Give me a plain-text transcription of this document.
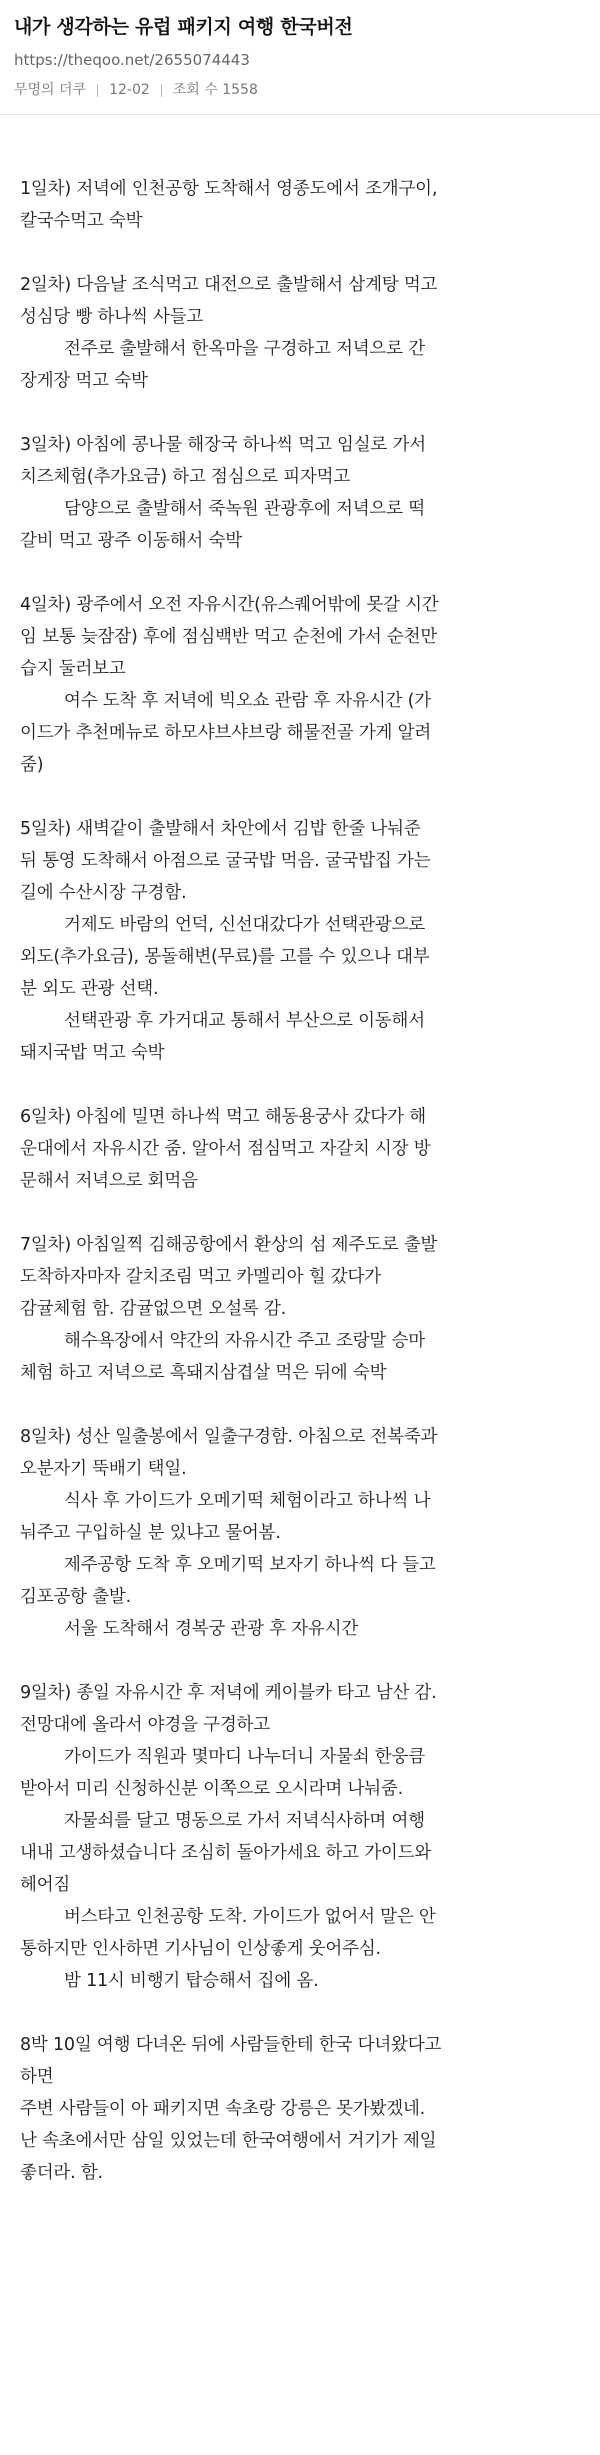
내가 생각하는 유럽 패키지 여행 한국버전
https://theqoo.net/2655074443
무명의 더쿠 12-02 조회 수 1558
1일차) 저녁에 인천공항 도착해서 영종도에서 조개구이,
칼국수먹고 숙박
2일차) 다음날 조식먹고 대전으로 출발해서 삼계탕 먹고
성심당 빵 하나씩 사들고
전주로 출발해서 한옥마을 구경하고 저녁으로 간
장게장 먹고 숙박
3일차) 아침에 콩나물 해장국 하나씩 먹고 임실로 가서
치즈체험(추가요금) 하고 점심으로 피자먹고
담양으로 출발해서 죽녹원 관광후에 저녁으로 떡
갈비 먹고 광주 이동해서 숙박
4일차) 광주에서 오전 자유시간(유스퀘어밖에 못갈 시간
임 보통 늦잠잠) 후에 점심백반 먹고 순천에 가서 순천만
습지 둘러보고
여수 도착 후 저녁에 빅오쇼 관람 후 자유시간 (가
이드가 추천메뉴로 하모샤브샤브랑 해물전골 가게 알려
줌)
5일차) 새벽같이 출발해서 차안에서 김밥 한줄 나눠준
뒤 통영 도착해서 아점으로 굴국밥 먹음. 굴국밥집 가는
길에 수산시장 구경함.
거제도 바람의 언덕, 신선대갔다가 선택관광으로
외도(추가요금), 몽돌해변(무료)를 고를 수 있으나 대부
분 외도 관광 선택.
선택관광 후 가거대교 통해서 부산으로 이동해서
돼지국밥 먹고 숙박
6일차) 아침에 밀면 하나씩 먹고 해동용궁사 갔다가 해
운대에서 자유시간 줌. 알아서 점심먹고 자갈치 시장 방
문해서 저녁으로 회먹음
7일차) 아침일찍 김해공항에서 환상의 섬 제주도로 출발
도착하자마자 갈치조림 먹고 카멜리아 힐 갔다가
감귤체험 함. 감귤없으면 오설록 감.
해수욕장에서 약간의 자유시간 주고 조랑말 승마
체험 하고 저녁으로 흑돼지삼겹살 먹은 뒤에 숙박
8일차) 성산 일출봉에서 일출구경함. 아침으로 전복죽과
오분자기 뚝배기 택일.
식사 후 가이드가 오메기떡 체험이라고 하나씩 나
눠주고 구입하실 분 있냐고 물어봄.
제주공항 도착 후 오메기떡 보자기 하나씩 다 들고
김포공항 출발.
서울 도착해서 경복궁 관광 후 자유시간
9일차) 종일 자유시간 후 저녁에 케이블카 타고 남산 감.
전망대에 올라서 야경을 구경하고
가이드가 직원과 몇마디 나누더니 자물쇠 한웅큼
받아서 미리 신청하신분 이쪽으로 오시라며 나눠줌.
자물쇠를 달고 명동으로 가서 저녁식사하며 여행
내내 고생하셨습니다 조심히 돌아가세요 하고 가이드와
헤어짐
버스타고 인천공항 도착. 가이드가 없어서 말은 안
통하지만 인사하면 기사님이 인상좋게 웃어주심.
밤 11시 비행기 탑승해서 집에 옴.
8박 10일 여행 다녀온 뒤에 사람들한테 한국 다녀왔다고
하면
주변 사람들이 아 패키지면 속초랑 강릉은 못가봤겠네.
난 속초에서만 삼일 있었는데 한국여행에서 거기가 제일
좋더라. 함.
